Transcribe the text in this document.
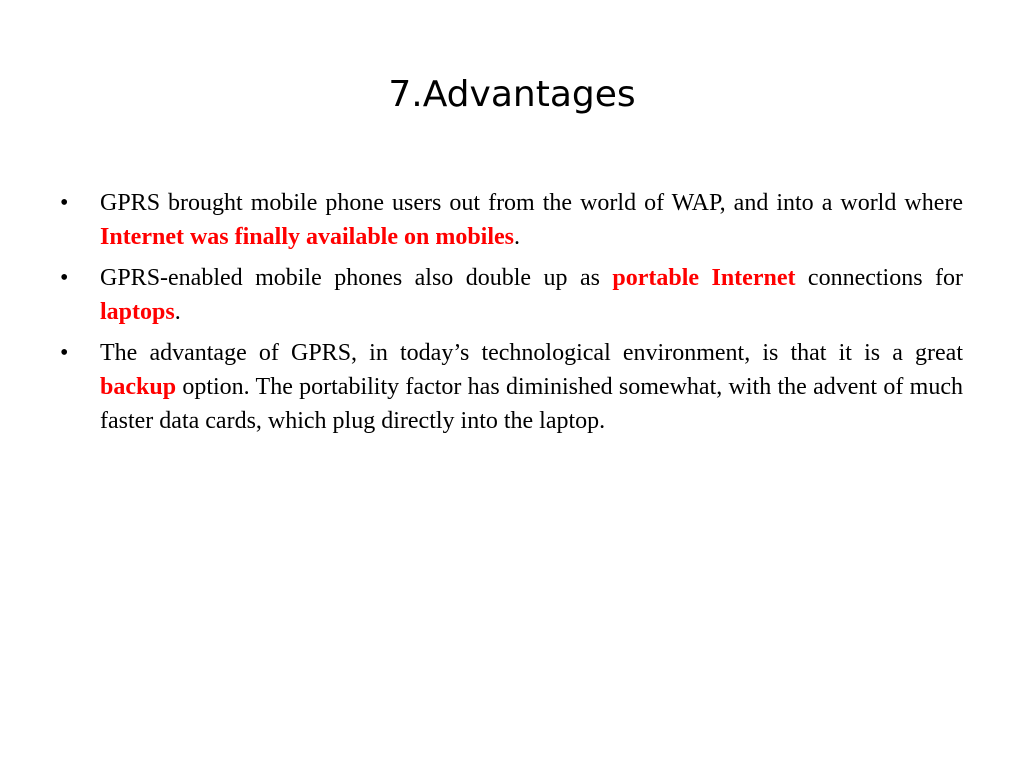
7.Advantages
• GPRS brought mobile phone users out from the world of WAP, and into a world where Internet was finally available on mobiles.
• GPRS-enabled mobile phones also double up as portable Internet connections for laptops.
• The advantage of GPRS, in today’s technological environment, is that it is a great backup option. The portability factor has diminished somewhat, with the advent of much faster data cards, which plug directly into the laptop.
